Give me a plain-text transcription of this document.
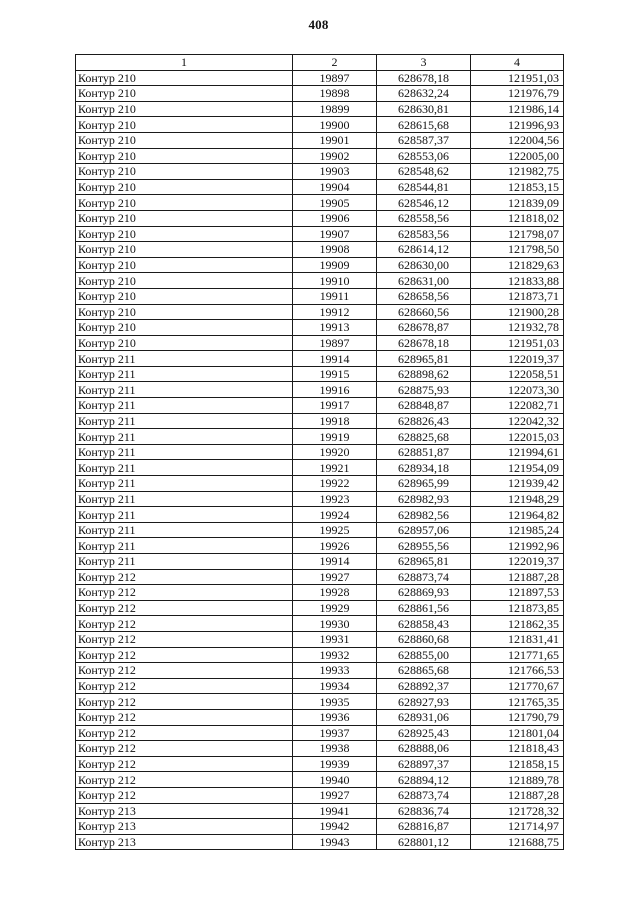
408
1	2	3	4
Контур 210	19897	628678,18	121951,03
Контур 210	19898	628632,24	121976,79
Контур 210	19899	628630,81	121986,14
Контур 210	19900	628615,68	121996,93
Контур 210	19901	628587,37	122004,56
Контур 210	19902	628553,06	122005,00
Контур 210	19903	628548,62	121982,75
Контур 210	19904	628544,81	121853,15
Контур 210	19905	628546,12	121839,09
Контур 210	19906	628558,56	121818,02
Контур 210	19907	628583,56	121798,07
Контур 210	19908	628614,12	121798,50
Контур 210	19909	628630,00	121829,63
Контур 210	19910	628631,00	121833,88
Контур 210	19911	628658,56	121873,71
Контур 210	19912	628660,56	121900,28
Контур 210	19913	628678,87	121932,78
Контур 210	19897	628678,18	121951,03
Контур 211	19914	628965,81	122019,37
Контур 211	19915	628898,62	122058,51
Контур 211	19916	628875,93	122073,30
Контур 211	19917	628848,87	122082,71
Контур 211	19918	628826,43	122042,32
Контур 211	19919	628825,68	122015,03
Контур 211	19920	628851,87	121994,61
Контур 211	19921	628934,18	121954,09
Контур 211	19922	628965,99	121939,42
Контур 211	19923	628982,93	121948,29
Контур 211	19924	628982,56	121964,82
Контур 211	19925	628957,06	121985,24
Контур 211	19926	628955,56	121992,96
Контур 211	19914	628965,81	122019,37
Контур 212	19927	628873,74	121887,28
Контур 212	19928	628869,93	121897,53
Контур 212	19929	628861,56	121873,85
Контур 212	19930	628858,43	121862,35
Контур 212	19931	628860,68	121831,41
Контур 212	19932	628855,00	121771,65
Контур 212	19933	628865,68	121766,53
Контур 212	19934	628892,37	121770,67
Контур 212	19935	628927,93	121765,35
Контур 212	19936	628931,06	121790,79
Контур 212	19937	628925,43	121801,04
Контур 212	19938	628888,06	121818,43
Контур 212	19939	628897,37	121858,15
Контур 212	19940	628894,12	121889,78
Контур 212	19927	628873,74	121887,28
Контур 213	19941	628836,74	121728,32
Контур 213	19942	628816,87	121714,97
Контур 213	19943	628801,12	121688,75
